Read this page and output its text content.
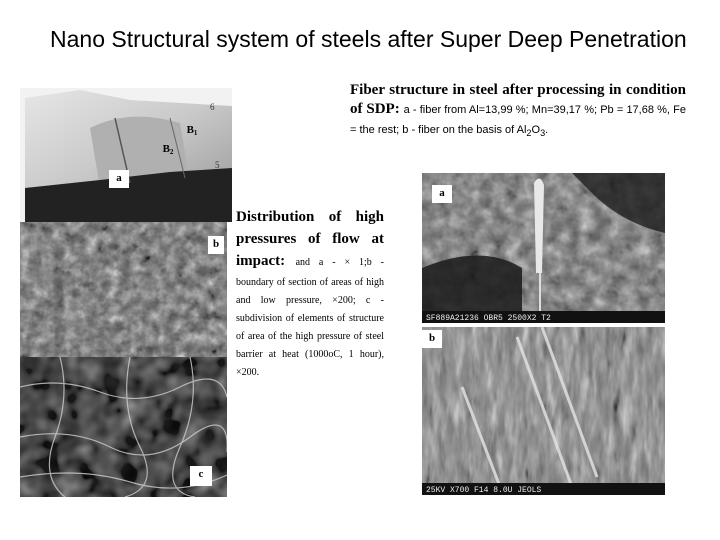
Nano Structural system of steels after Super Deep Penetration
Fiber structure in steel after processing in condition of SDP: a - fiber from Al=13,99 %; Mn=39,17 %; Pb = 17,68 %, Fe = the rest; b - fiber on the basis of $Al_2O_3$.
Distribution of high pressures of flow at impact: and a - × 1;b - boundary of section of areas of high and low pressure, ×200; c - subdivision of elements of structure of area of the high pressure of steel barrier at heat (1000oC, 1 hour), ×200.
6
5
SF889A21236 OBR5 2500X2 T2
25KV X700 F14 8.0U JEOLS
$B_1$
$B_2$
a
b
c
a
b
